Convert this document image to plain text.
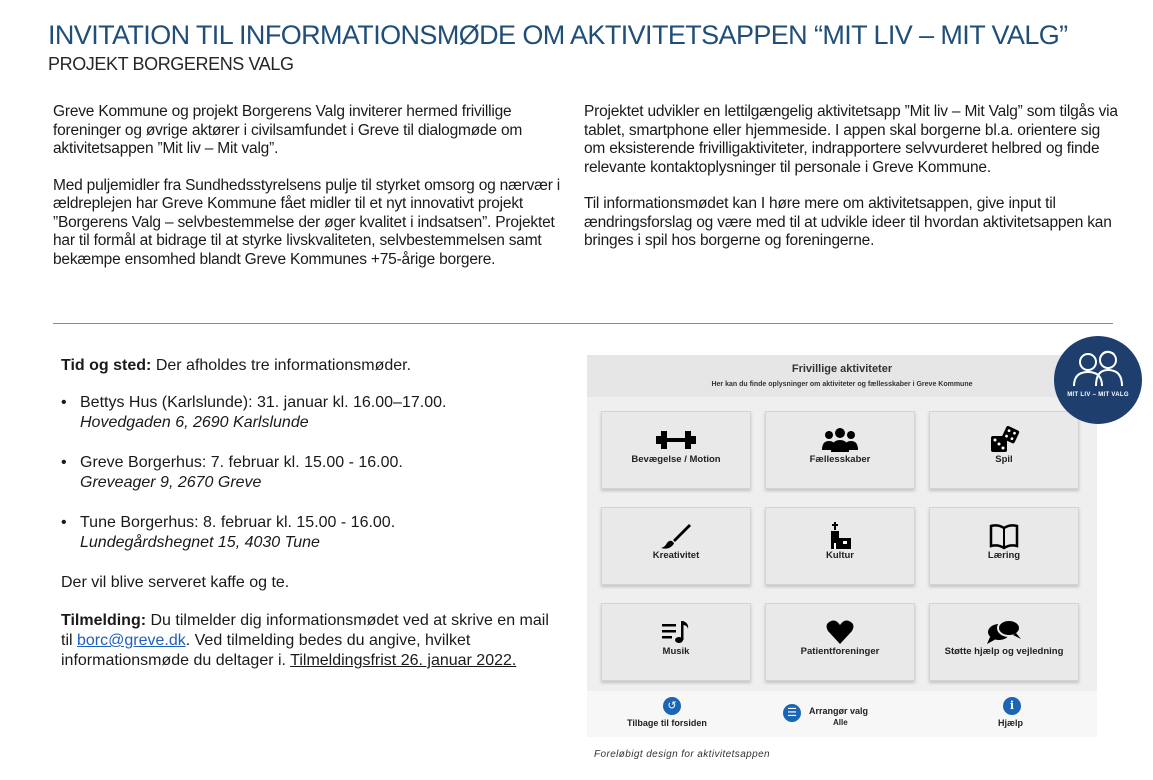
INVITATION TIL INFORMATIONSMØDE OM AKTIVITETSAPPEN “MIT LIV – MIT VALG”
PROJEKT BORGERENS VALG

Greve Kommune og projekt Borgerens Valg inviterer hermed frivillige foreninger og øvrige aktører i civilsamfundet i Greve til dialogmøde om aktivitetsappen ”Mit liv – Mit valg”.

Med puljemidler fra Sundhedsstyrelsens pulje til styrket omsorg og nærvær i ældreplejen har Greve Kommune fået midler til et nyt innovativt projekt ”Borgerens Valg – selvbestemmelse der øger kvalitet i indsatsen”. Projektet har til formål at bidrage til at styrke livskvaliteten, selvbestemmelsen samt bekæmpe ensomhed blandt Greve Kommunes +75-årige borgere.

Projektet udvikler en lettilgængelig aktivitetsapp ”Mit liv – Mit Valg” som tilgås via tablet, smartphone eller hjemmeside. I appen skal borgerne bl.a. orientere sig om eksisterende frivilligaktiviteter, indrapportere selvvurderet helbred og finde relevante kontaktoplysninger til personale i Greve Kommune.

Til informationsmødet kan I høre mere om aktivitetsappen, give input til ændringsforslag og være med til at udvikle ideer til hvordan aktivitetsappen kan bringes i spil hos borgerne og foreningerne.

Tid og sted: Der afholdes tre informationsmøder.
• Bettys Hus (Karlslunde): 31. januar kl. 16.00–17.00.
Hovedgaden 6, 2690 Karlslunde
• Greve Borgerhus: 7. februar kl. 15.00 - 16.00.
Greveager 9, 2670 Greve
• Tune Borgerhus: 8. februar kl. 15.00 - 16.00.
Lundegårdshegnet 15, 4030 Tune
Der vil blive serveret kaffe og te.
Tilmelding: Du tilmelder dig informationsmødet ved at skrive en mail til borc@greve.dk. Ved tilmelding bedes du angive, hvilket informationsmøde du deltager i. Tilmeldingsfrist 26. januar 2022.
Frivillige aktiviteter
Her kan du finde oplysninger om aktiviteter og fællesskaber i Greve Kommune
Bevægelse / Motion	Fællesskaber	Spil
Kreativitet	Kultur	Læring
Musik	Patientforeninger	Støtte hjælp og vejledning
↺
Tilbage til forsiden
☰	Arrangør valg
Alle
i
Hjælp
MIT LIV – MIT VALG
Foreløbigt design for aktivitetsappen
